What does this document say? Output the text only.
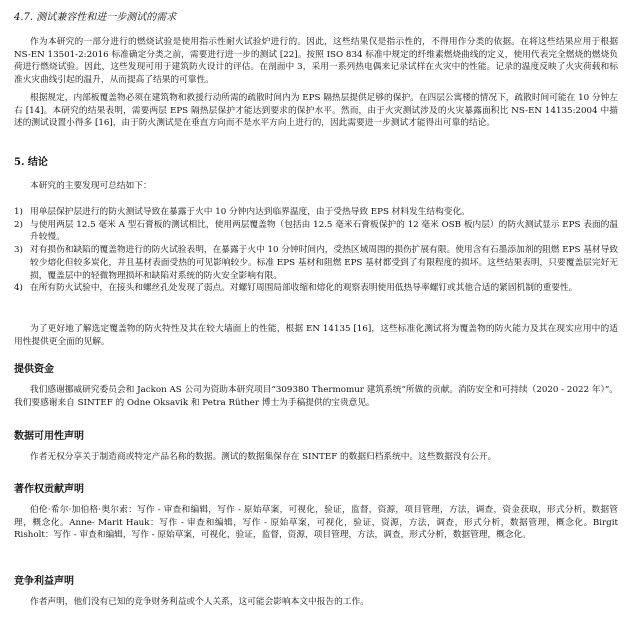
4.7. 测试兼容性和进一步测试的需求

作为本研究的一部分进行的燃烧试验是使用指示性耐火试验炉进行的。因此，这些结果仅是指示性的，不得用作分类的依据。在将这些结果应用于根据 NS-EN 13501-2:2016 标准确定分类之前，需要进行进一步的测试 [22]。按照 ISO 834 标准中规定的纤维素燃烧曲线的定义，使用代表完全燃烧的燃烧负荷进行燃烧试验。因此，这些发现可用于建筑防火设计的评估。在剖面中 3，采用一系列热电偶来记录试样在火灾中的性能。记录的温度反映了火灾荷载和标准火灾曲线引起的温升，从而提高了结果的可靠性。

根据规定，内部板覆盖物必须在建筑物和救援行动所需的疏散时间内为 EPS 隔热层提供足够的保护。在四层公寓楼的情况下，疏散时间可能在 10 分钟左右 [14]。本研究的结果表明，需要两层 EPS 隔热层保护才能达到要求的保护水平。然而，由于火灾测试涉及的火灾暴露面积比 NS-EN 14135:2004 中描述的测试设置小得多 [16]，由于防火测试是在垂直方向而不是水平方向上进行的，因此需要进一步测试才能得出可靠的结论。

5. 结论

本研究的主要发现可总结如下：

1) 用单层保护层进行的防火测试导致在暴露于火中 10 分钟内达到临界温度，由于受热导致 EPS 材料发生结构变化。
2) 与使用两层 12.5 毫米 A 型石膏板的测试相比，使用两层覆盖物（包括由 12.5 毫米石膏板保护的 12 毫米 OSB 板内层）的防火测试显示 EPS 表面的温升较慢。
3) 对有损伤和缺陷的覆盖物进行的防火试验表明，在暴露于火中 10 分钟时间内，受热区域周围的损伤扩展有限。使用含有石墨添加剂的阻燃 EPS 基材导致较少熔化但较多炭化，并且基材表面受热的可见影响较少。标准 EPS 基材和阻燃 EPS 基材都受到了有限程度的损坏。这些结果表明，只要覆盖层完好无损，覆盖层中的轻微物理损坏和缺陷对系统的防火安全影响有限。
4) 在所有防火试验中，在接头和螺丝孔处发现了弱点。对螺钉周围局部收缩和熔化的观察表明使用低热导率螺钉或其他合适的紧固机制的重要性。

为了更好地了解选定覆盖物的防火特性及其在较大墙面上的性能，根据 EN 14135 [16]，这些标准化测试将为覆盖物的防火能力及其在现实应用中的适用性提供更全面的见解。

提供资金

我们感谢挪威研究委员会和 Jackon AS 公司为资助本研究项目“309380 Thermomur 建筑系统”所做的贡献。消防安全和可持续（2020 - 2022 年）”。我们要感谢来自 SINTEF 的 Odne Oksavik 和 Petra Rüther 博士为手稿提供的宝贵意见。

数据可用性声明

作者无权分享关于制造商或特定产品名称的数据。测试的数据集保存在 SINTEF 的数据归档系统中。这些数据没有公开。

著作权贡献声明

伯伦·希尔·加伯格·奥尔索：写作 - 审查和编辑，写作 - 原始草案，可视化，验证，监督，资源，项目管理，方法，调查，资金获取，形式分析，数据管理，概念化。Anne- Marit Hauk：写作 - 审查和编辑，写作 - 原始草案，可视化，验证，资源，方法，调查，形式分析，数据管理，概念化。Birgit Risholt：写作 - 审查和编辑，写作 - 原始草案，可视化，验证，监督，资源，项目管理，方法，调查，形式分析，数据管理，概念化。

竞争利益声明

作者声明，他们没有已知的竞争财务利益或个人关系，这可能会影响本文中报告的工作。
